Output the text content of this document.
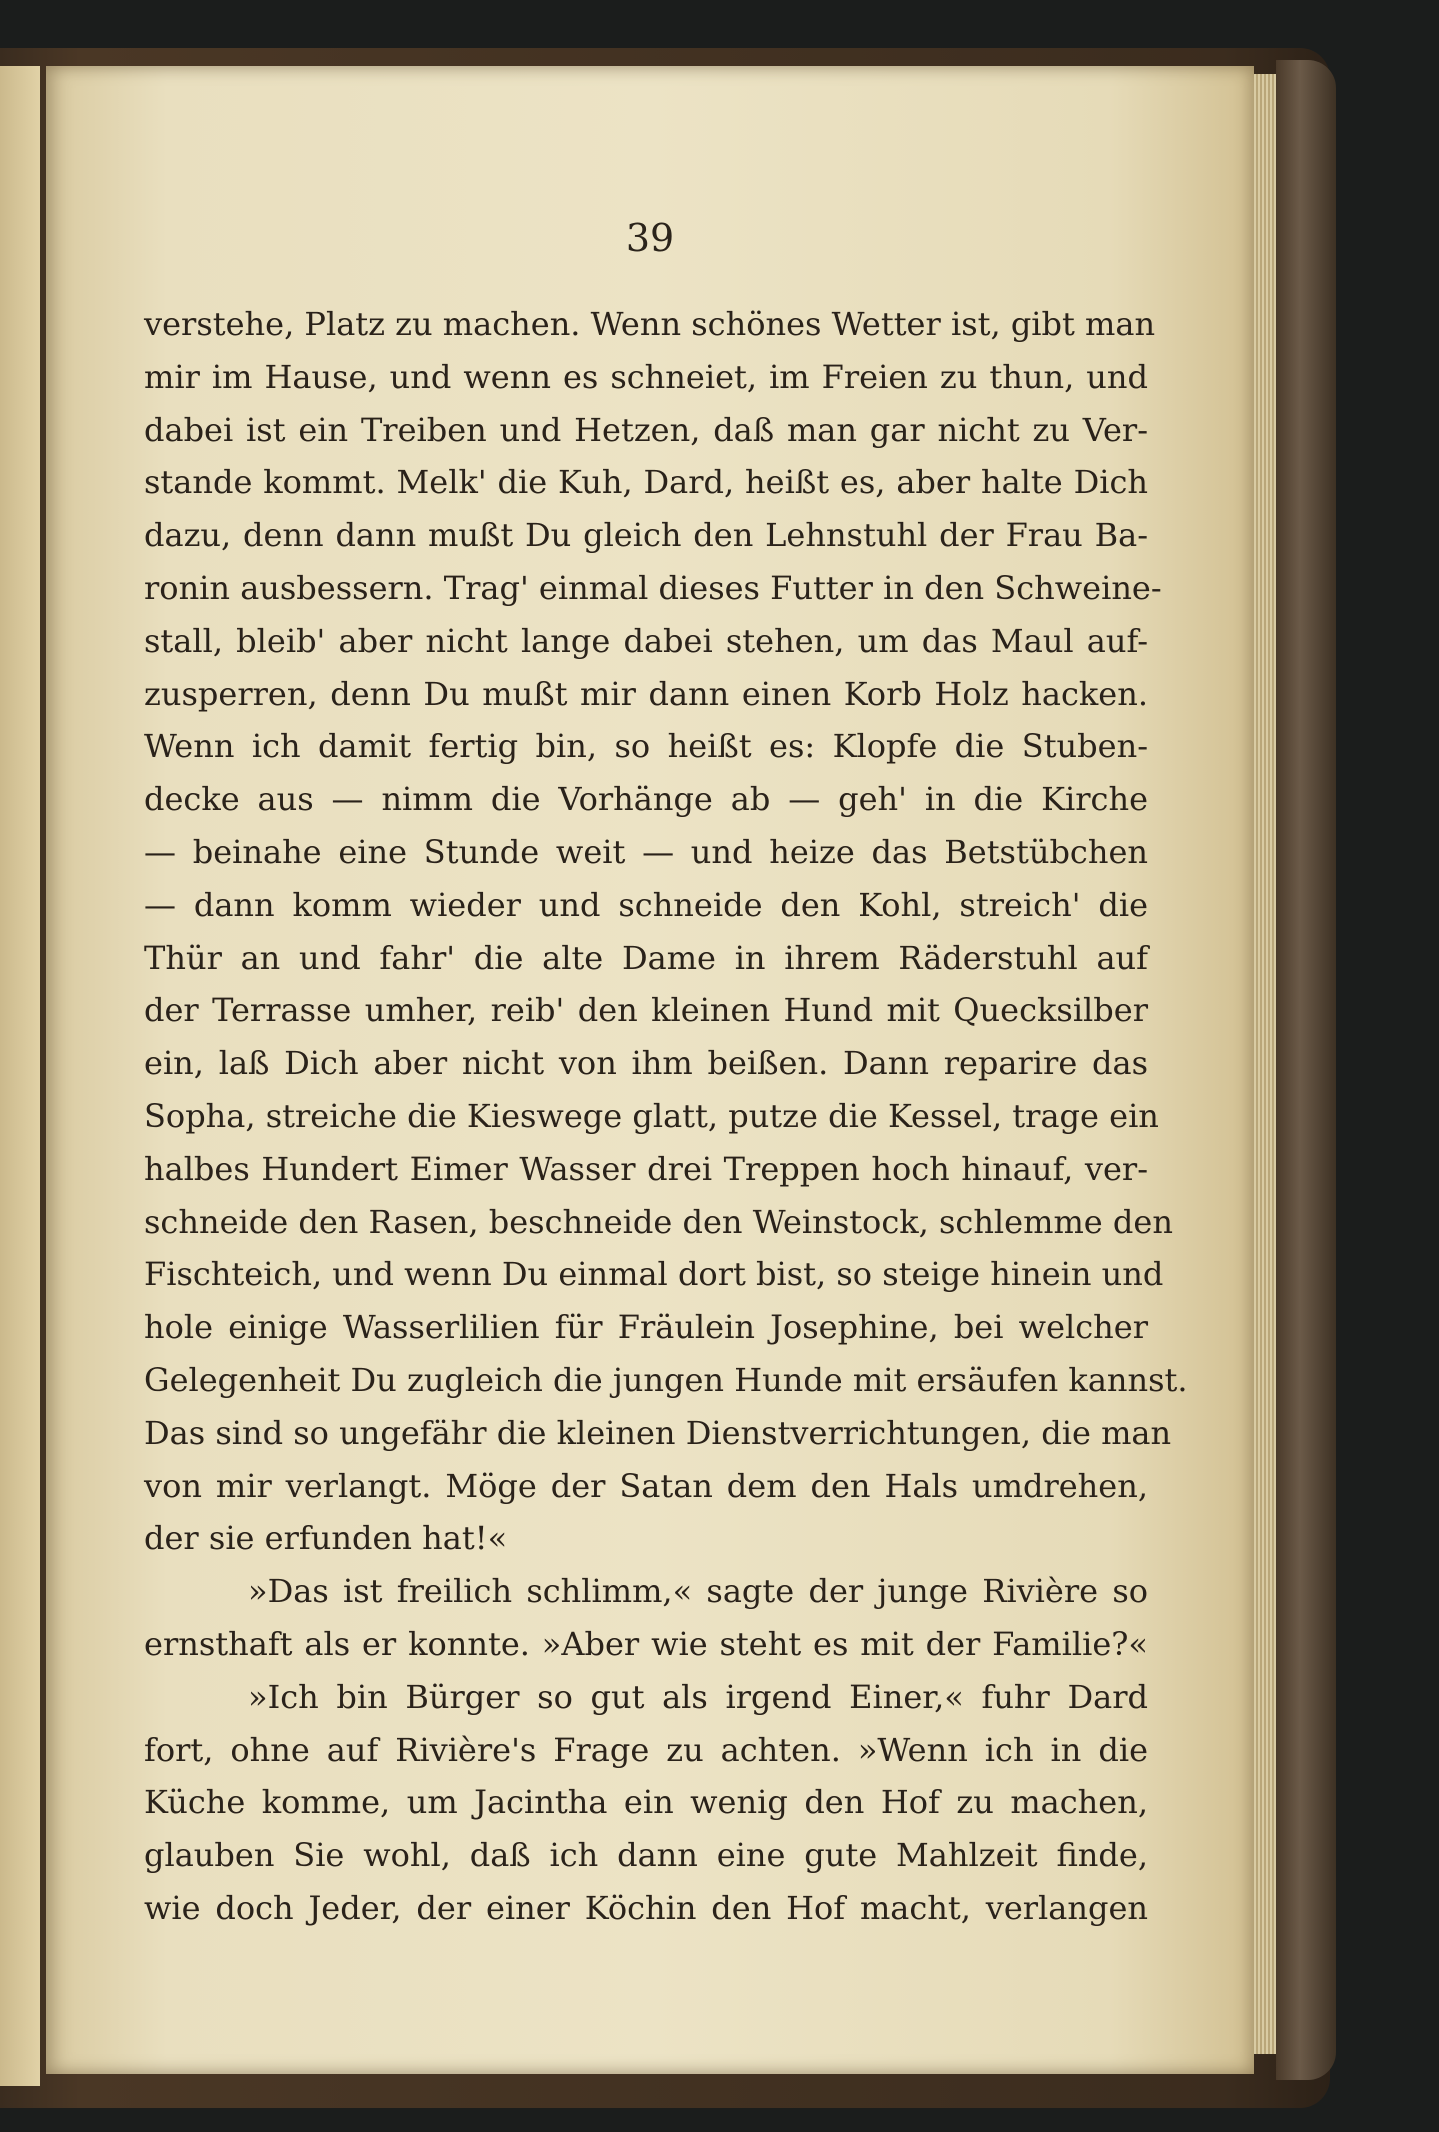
39
verstehe, Platz zu machen. Wenn schönes Wetter ist, gibt man
mir im Hause, und wenn es schneiet, im Freien zu thun, und
dabei ist ein Treiben und Hetzen, daß man gar nicht zu Ver-
stande kommt. Melk' die Kuh, Dard, heißt es, aber halte Dich
dazu, denn dann mußt Du gleich den Lehnstuhl der Frau Ba-
ronin ausbessern. Trag' einmal dieses Futter in den Schweine-
stall, bleib' aber nicht lange dabei stehen, um das Maul auf-
zusperren, denn Du mußt mir dann einen Korb Holz hacken.
Wenn ich damit fertig bin, so heißt es: Klopfe die Stuben-
decke aus — nimm die Vorhänge ab — geh' in die Kirche
— beinahe eine Stunde weit — und heize das Betstübchen
— dann komm wieder und schneide den Kohl, streich' die
Thür an und fahr' die alte Dame in ihrem Räderstuhl auf
der Terrasse umher, reib' den kleinen Hund mit Quecksilber
ein, laß Dich aber nicht von ihm beißen. Dann reparire das
Sopha, streiche die Kieswege glatt, putze die Kessel, trage ein
halbes Hundert Eimer Wasser drei Treppen hoch hinauf, ver-
schneide den Rasen, beschneide den Weinstock, schlemme den
Fischteich, und wenn Du einmal dort bist, so steige hinein und
hole einige Wasserlilien für Fräulein Josephine, bei welcher
Gelegenheit Du zugleich die jungen Hunde mit ersäufen kannst.
Das sind so ungefähr die kleinen Dienstverrichtungen, die man
von mir verlangt. Möge der Satan dem den Hals umdrehen,
der sie erfunden hat!«
»Das ist freilich schlimm,« sagte der junge Rivière so
ernsthaft als er konnte. »Aber wie steht es mit der Familie?«
»Ich bin Bürger so gut als irgend Einer,« fuhr Dard
fort, ohne auf Rivière's Frage zu achten. »Wenn ich in die
Küche komme, um Jacintha ein wenig den Hof zu machen,
glauben Sie wohl, daß ich dann eine gute Mahlzeit finde,
wie doch Jeder, der einer Köchin den Hof macht, verlangen
